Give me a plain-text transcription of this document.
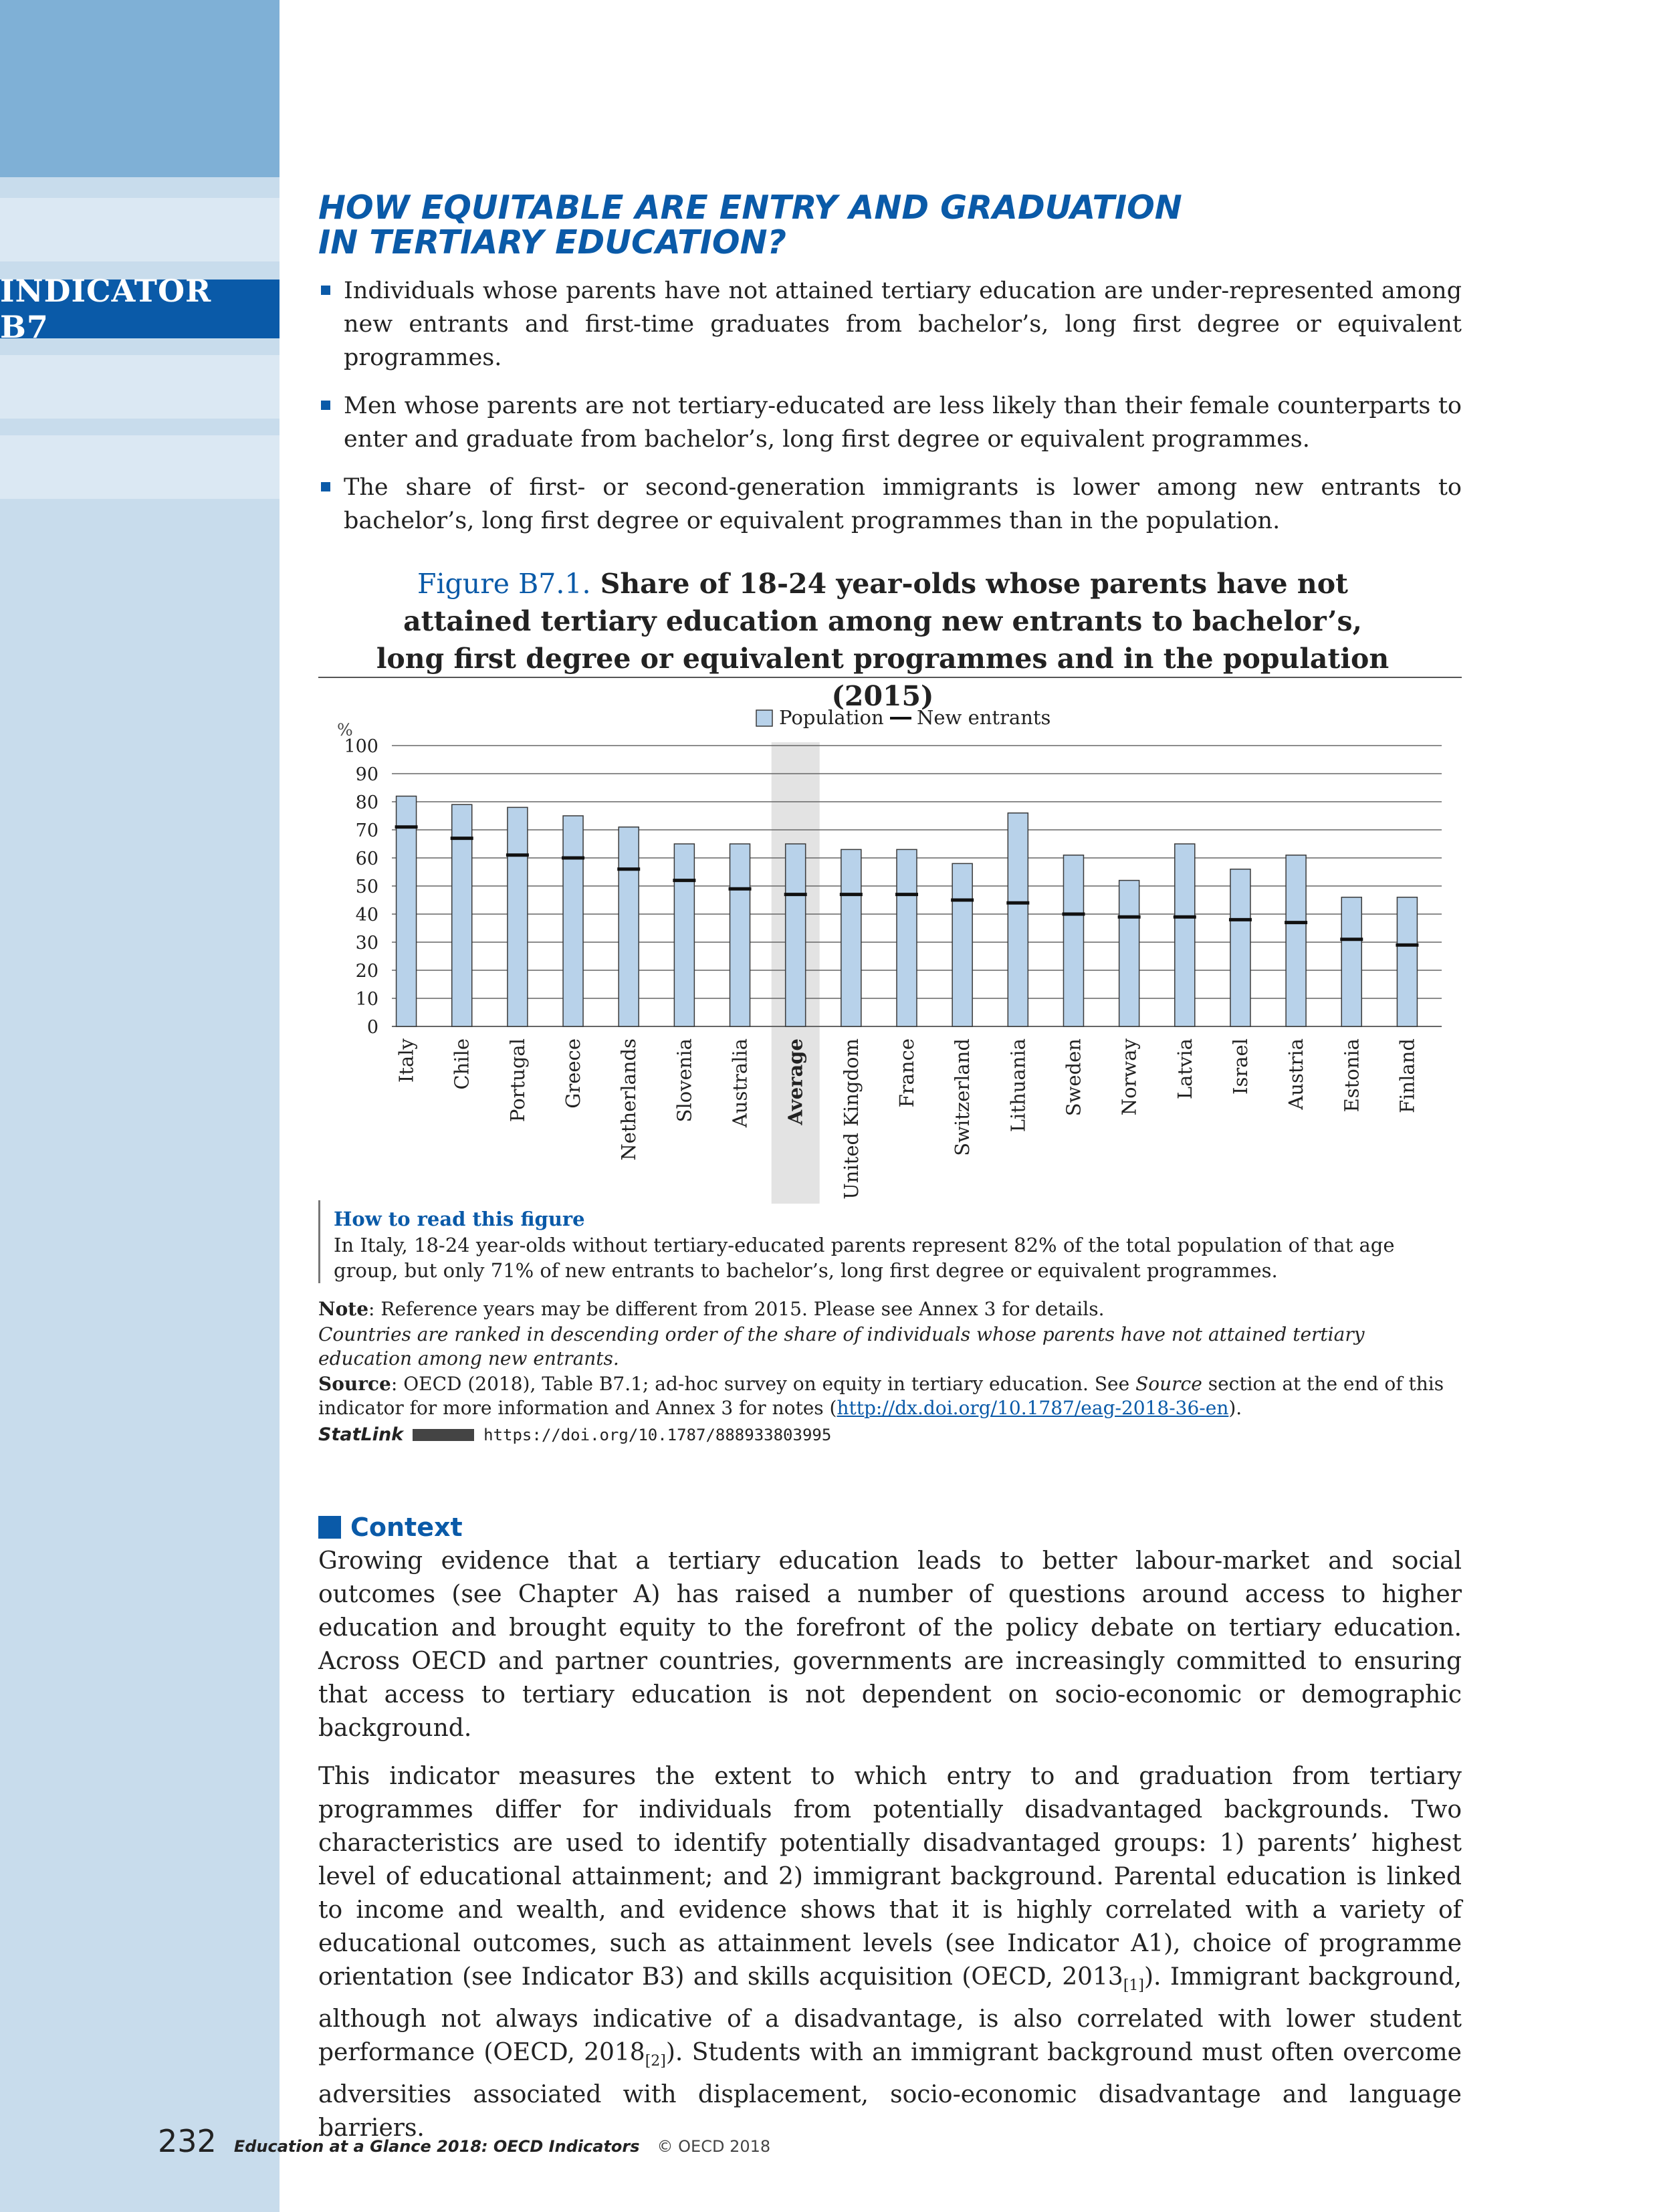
INDICATOR B7
HOW EQUITABLE ARE ENTRY AND GRADUATION
IN TERTIARY EDUCATION?
Individuals whose parents have not attained tertiary education are under-represented among new entrants and first-time graduates from bachelor’s, long first degree or equivalent programmes.
Men whose parents are not tertiary-educated are less likely than their female counterparts to enter and graduate from bachelor’s, long first degree or equivalent programmes.
The share of first- or second-generation immigrants is lower among new entrants to bachelor’s, long first degree or equivalent programmes than in the population.
Figure B7.1. Share of 18-24 year-olds whose parents have not attained tertiary education among new entrants to bachelor’s, long first degree or equivalent programmes and in the population (2015)
100
90
80
70
60
50
40
30
20
10
0
%
Population New entrants
Italy Chile Portugal Greece Netherlands Slovenia Australia Average United Kingdom France Switzerland Lithuania Sweden Norway Latvia Israel Austria Estonia Finland
How to read this figure
In Italy, 18-24 year-olds without tertiary-educated parents represent 82% of the total population of that age group, but only 71% of new entrants to bachelor’s, long first degree or equivalent programmes.

Note: Reference years may be different from 2015. Please see Annex 3 for details.

Countries are ranked in descending order of the share of individuals whose parents have not attained tertiary education among new entrants.

Source: OECD (2018), Table B7.1; ad-hoc survey on equity in tertiary education. See Source section at the end of this indicator for more information and Annex 3 for notes (http://dx.doi.org/10.1787/eag-2018-36-en).

StatLink	https://doi.org/10.1787/888933803995
Context

Growing evidence that a tertiary education leads to better labour-market and social outcomes (see Chapter A) has raised a number of questions around access to higher education and brought equity to the forefront of the policy debate on tertiary education. Across OECD and partner countries, governments are increasingly committed to ensuring that access to tertiary education is not dependent on socio-economic or demographic background.

This indicator measures the extent to which entry to and graduation from tertiary programmes differ for individuals from potentially disadvantaged backgrounds. Two characteristics are used to identify potentially disadvantaged groups: 1) parents’ highest level of educational attainment; and 2) immigrant background. Parental education is linked to income and wealth, and evidence shows that it is highly correlated with a variety of educational outcomes, such as attainment levels (see Indicator A1), choice of programme orientation (see Indicator B3) and skills acquisition (OECD, $2013_{[1]}$). Immigrant background, although not always indicative of a disadvantage, is also correlated with lower student performance (OECD, $2018_{[2]}$). Students with an immigrant background must often overcome adversities associated with displacement, socio-economic disadvantage and language barriers.

232 Education at a Glance 2018: OECD Indicators © OECD 2018
